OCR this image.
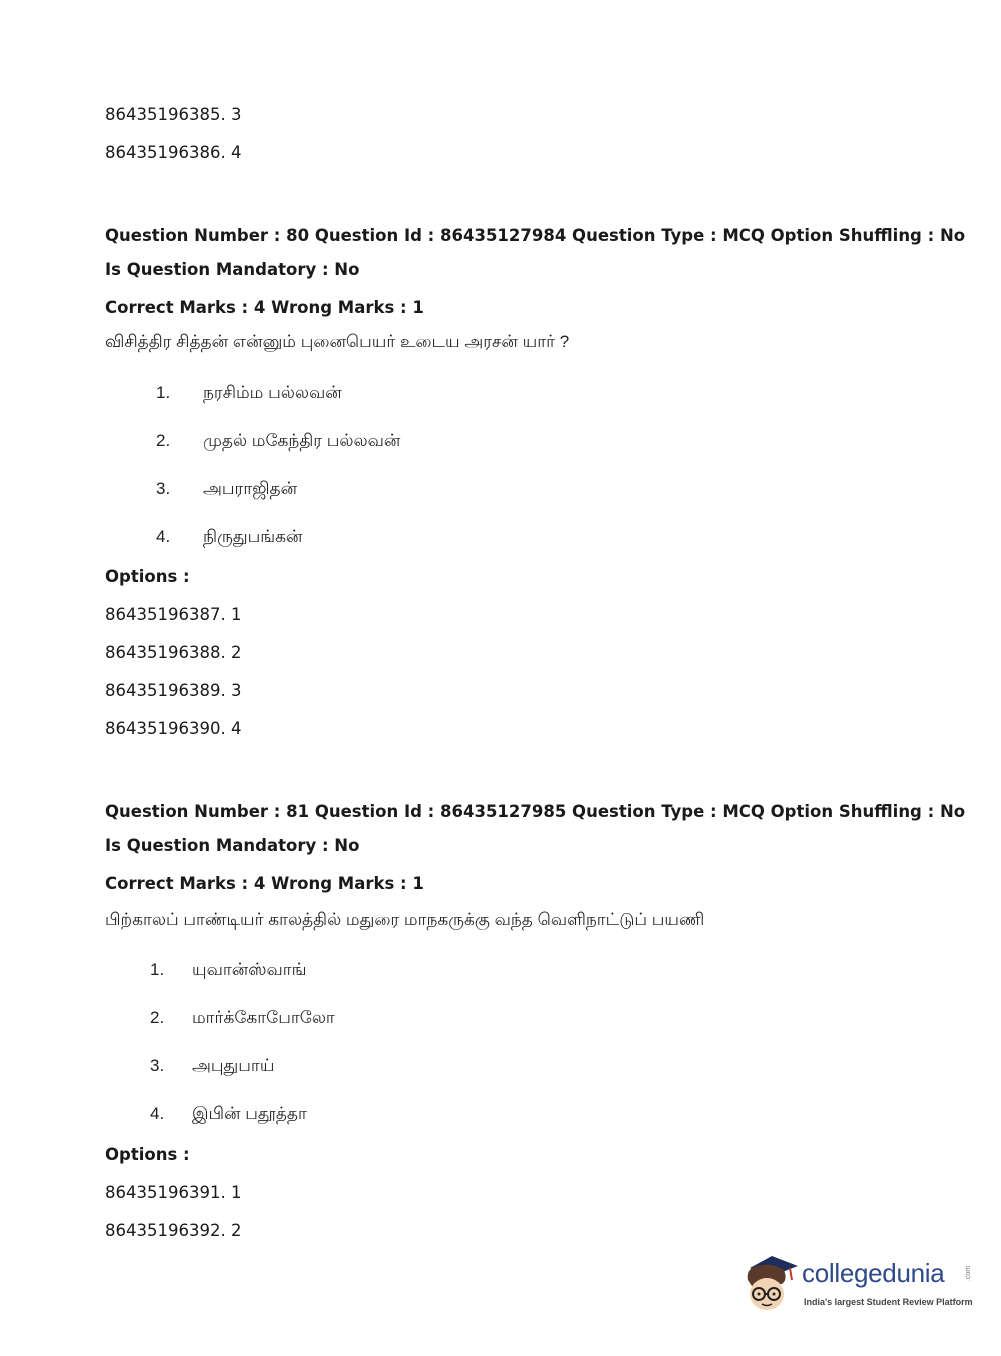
86435196385. 3
86435196386. 4
Question Number : 80 Question Id : 86435127984 Question Type : MCQ Option Shuffling : No
Is Question Mandatory : No
Correct Marks : 4 Wrong Marks : 1
விசித்திர சித்தன் என்னும் புனைபெயர் உடைய அரசன் யார் ?
1. நரசிம்ம பல்லவன்
2. முதல் மகேந்திர பல்லவன்
3. அபராஜிதன்
4. நிருதுபங்கன்
Options :
86435196387. 1
86435196388. 2
86435196389. 3
86435196390. 4
Question Number : 81 Question Id : 86435127985 Question Type : MCQ Option Shuffling : No
Is Question Mandatory : No
Correct Marks : 4 Wrong Marks : 1
பிற்காலப் பாண்டியர் காலத்தில் மதுரை மாநகருக்கு வந்த வெளிநாட்டுப் பயணி
1. யுவான்ஸ்வாங்
2. மார்க்கோபோலோ
3. அபுதுபாய்
4. இபின் பதூத்தா
Options :
86435196391. 1
86435196392. 2
collegedunia	.com
India's largest Student Review Platform
